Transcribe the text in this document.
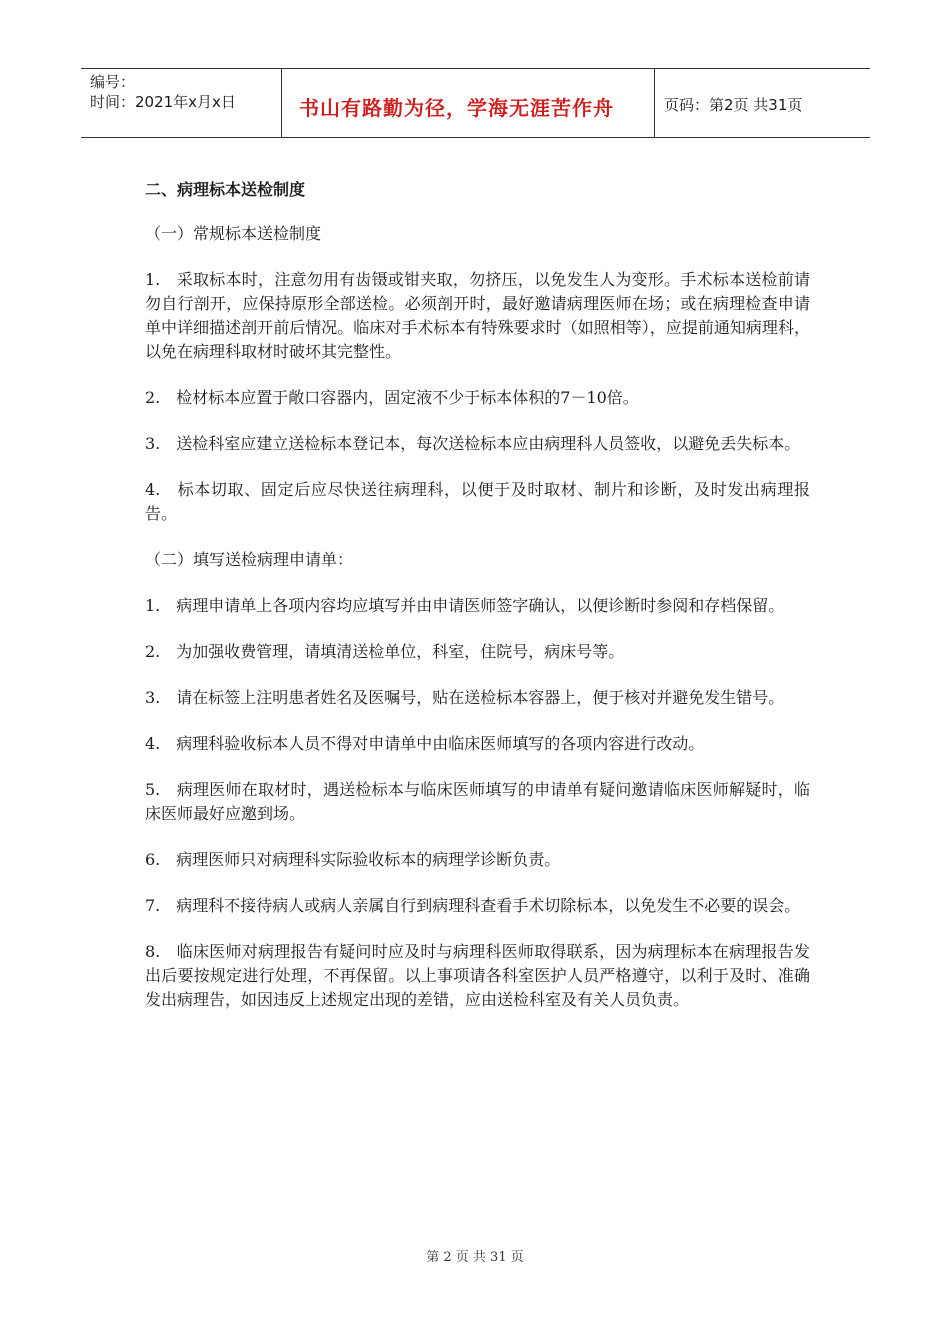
编号：
时间：2021年x月x日	书山有路勤为径，学海无涯苦作舟	页码：第2页 共31页

二、病理标本送检制度

（一）常规标本送检制度

1.　采取标本时，注意勿用有齿镊或钳夹取，勿挤压，以免发生人为变形。手术标本送检前请勿自行剖开，应保持原形全部送检。必须剖开时，最好邀请病理医师在场；或在病理检查申请单中详细描述剖开前后情况。临床对手术标本有特殊要求时（如照相等），应提前通知病理科，以免在病理科取材时破坏其完整性。

2.　检材标本应置于敞口容器内，固定液不少于标本体积的7－10倍。

3.　送检科室应建立送检标本登记本，每次送检标本应由病理科人员签收，以避免丢失标本。

4.　标本切取、固定后应尽快送往病理科，以便于及时取材、制片和诊断，及时发出病理报告。

（二）填写送检病理申请单：

1.　病理申请单上各项内容均应填写并由申请医师签字确认，以便诊断时参阅和存档保留。

2.　为加强收费管理，请填清送检单位，科室，住院号，病床号等。

3.　请在标签上注明患者姓名及医嘱号，贴在送检标本容器上，便于核对并避免发生错号。

4.　病理科验收标本人员不得对申请单中由临床医师填写的各项内容进行改动。

5.　病理医师在取材时，遇送检标本与临床医师填写的申请单有疑问邀请临床医师解疑时，临床医师最好应邀到场。

6.　病理医师只对病理科实际验收标本的病理学诊断负责。

7.　病理科不接待病人或病人亲属自行到病理科查看手术切除标本，以免发生不必要的误会。

8.　临床医师对病理报告有疑问时应及时与病理科医师取得联系，因为病理标本在病理报告发出后要按规定进行处理，不再保留。以上事项请各科室医护人员严格遵守，以利于及时、准确发出病理告，如因违反上述规定出现的差错，应由送检科室及有关人员负责。

第 2 页 共 31 页
